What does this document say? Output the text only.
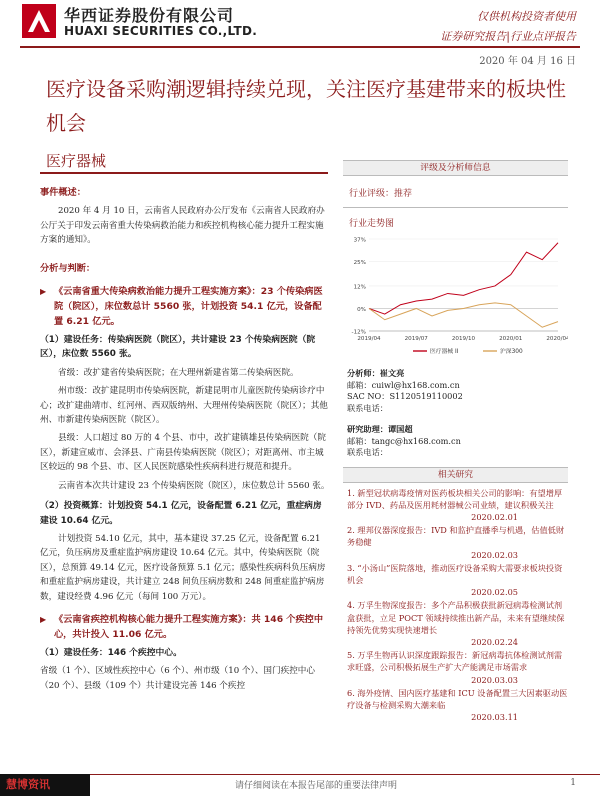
华西证券股份有限公司
HUAXI SECURITIES CO.,LTD.
仅供机构投资者使用
证券研究报告|行业点评报告
2020 年 04 月 16 日
医疗设备采购潮逻辑持续兑现，关注医疗基建带来的板块性机会
医疗器械
事件概述：
2020 年 4 月 10 日，云南省人民政府办公厅发布《云南省人民政府办公厅关于印发云南省重大传染病救治能力和疾控机构核心能力提升工程实施方案的通知》。
分析与判断：
▶ 《云南省重大传染病救治能力提升工程实施方案》：23 个传染病医院（院区），床位数总计 5560 张，计划投资 54.1 亿元，设备配置 6.21 亿元。
（1）建设任务：传染病医院（院区），共计建设 23 个传染病医院（院区），床位数 5560 张。
省级：改扩建省传染病医院；在大理州新建省第二传染病医院。
州市级：改扩建昆明市传染病医院，新建昆明市儿童医院传染病诊疗中心；改扩建曲靖市、红河州、西双版纳州、大理州传染病医院（院区）；其他州、市新建传染病医院（院区）。
县级：人口超过 80 万的 4 个县、市中，改扩建镇雄县传染病医院（院区），新建宣威市、会泽县、广南县传染病医院（院区）；对距离州、市主城区较远的 98 个县、市、区人民医院感染性疾病科进行规范和提升。
云南省本次共计建设 23 个传染病医院（院区），床位数总计 5560 张。
（2）投资概算：计划投资 54.1 亿元，设备配置 6.21 亿元，重症病房建设 10.64 亿元。
计划投资 54.10 亿元，其中，基本建设 37.25 亿元，设备配置 6.21 亿元，负压病房及重症监护病房建设 10.64 亿元。其中，传染病医院（院区），总预算 49.14 亿元，医疗设备预算 5.1 亿元；感染性疾病科负压病房和重症监护病房建设，共计建立 248 间负压病房数和 248 间重症监护病房数，建设经费 4.96 亿元（每间 100 万元）。
▶ 《云南省疾控机构核心能力提升工程实施方案》：共 146 个疾控中心，共计投入 11.06 亿元。
（1）建设任务：146 个疾控中心。
省级（1 个）、区域性疾控中心（6 个）、州市级（10 个）、国门疾控中心（20 个）、县级（109 个）共计建设完善 146 个疾控
评级及分析师信息
行业评级：推荐
行业走势图
37%
25%
12%
0%
-12%
2019/04	2019/07	2019/10	2020/01	2020/04
医疗器械 II	沪深300
分析师：崔文亮
邮箱：cuiwl@hx168.com.cn
SAC NO：S1120519110002
联系电话：
研究助理：谭国超
邮箱：tangc@hx168.com.cn
联系电话：
相关研究
1. 新型冠状病毒疫情对医药板块相关公司的影响：有望增厚部分 IVD、药品及医用耗材器械公司业绩，建议积极关注
2020.02.01
2. 理邦仪器深度报告：IVD 和监护直播季与机遇，估值低财务稳健
2020.02.03
3. “小汤山”医院落地，推动医疗设备采购大需要求板块投资机会
2020.02.05
4. 万孚生物深度报告：多个产品积极获批新冠病毒检测试剂盒获批，立足 POCT 领域持续推出新产品，未来有望继续保持领先优势实现快速增长
2020.02.24
5. 万孚生物再认识深度跟踪报告：新冠病毒抗体检测试剂需求旺盛，公司积极拓展生产扩大产能满足市场需求
2020.03.03
6. 海外疫情、国内医疗基建和 ICU 设备配置三大因素驱动医疗设备与检测采购大潮来临
2020.03.11
慧博资讯	请仔细阅读在本报告尾部的重要法律声明	1
